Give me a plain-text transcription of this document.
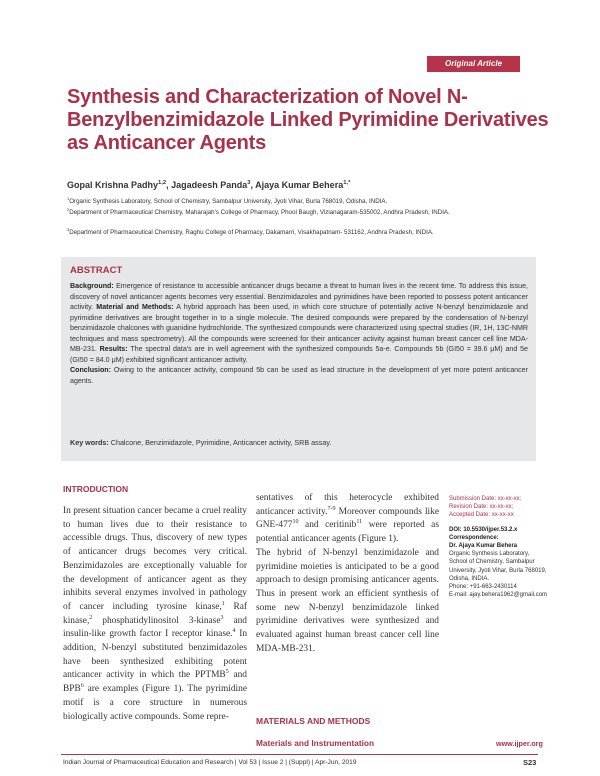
Original Article
Synthesis and Characterization of Novel N-Benzylbenzimidazole Linked Pyrimidine Derivatives as Anticancer Agents
Gopal Krishna Padhy$^{1,2}$, Jagadeesh Panda$^3$, Ajaya Kumar Behera$^{1,*}$
$^1$Organic Synthesis Laboratory, School of Chemistry, Sambalpur University, Jyoti Vihar, Burla 768019, Odisha, INDIA.
$^2$Department of Pharmaceutical Chemistry, Maharajah's College of Pharmacy, Phool Baugh, Vizianagaram-535002, Andhra Pradesh, INDIA.
$^3$Department of Pharmaceutical Chemistry, Raghu College of Pharmacy, Dakamarri, Visakhapatnam- 531162, Andhra Pradesh, INDIA.
ABSTRACT
Background: Emergence of resistance to accessible anticancer drugs became a threat to human lives in the recent time. To address this issue, discovery of novel anticancer agents becomes very essential. Benzimidazoles and pyrimidines have been reported to possess potent anticancer activity. Material and Methods: A hybrid approach has been used, in which core structure of potentially active N-benzyl benzimidazole and pyrimidine derivatives are brought together in to a single molecule. The desired compounds were prepared by the condensation of N-benzyl benzimidazole chalcones with guanidine hydrochloride. The synthesized compounds were characterized using spectral studies (IR, 1H, 13C-NMR techniques and mass spectrometry). All the compounds were screened for their anticancer activity against human breast cancer cell line MDA-MB-231. Results: The spectral data's are in well agreement with the synthesized compounds 5a-e. Compounds 5b (GI50 = 39.6 μM) and 5e (GI50 = 84.0 μM) exhibited significant anticancer activity.
Conclusion: Owing to the anticancer activity, compound 5b can be used as lead structure in the development of yet more potent anticancer agents.
Key words: Chalcone, Benzimidazole, Pyrimidine, Anticancer activity, SRB assay.
INTRODUCTION
In present situation cancer became a cruel reality to human lives due to their resistance to accessible drugs. Thus, discovery of new types of anticancer drugs becomes very critical. Benzimidazoles are exceptionally valuable for the development of anticancer agent as they inhibits several enzymes involved in pathology of cancer including tyrosine kinase,$^1$ Raf kinase,$^2$ phosphatidylinositol 3-kinase$^3$ and insulin-like growth factor I receptor kinase.$^4$ In addition, N-benzyl substituted benzimidazoles have been synthesized exhibiting potent anticancer activity in which the PPTMB$^5$ and BPB$^6$ are examples (Figure 1). The pyrimidine motif is a core structure in numerous biologically active compounds. Some repre-

sentatives of this heterocycle exhibited anticancer activity.$^{7-9}$ Moreover compounds like GNE-$477^{10}$ and ceritinib$^{11}$ were reported as potential anticancer agents (Figure 1).

The hybrid of N-benzyl benzimidazole and pyrimidine moieties is anticipated to be a good approach to design promising anticancer agents. Thus in present work an efficient synthesis of some new N-benzyl benzimidazole linked pyrimidine derivatives were synthesized and evaluated against human breast cancer cell line MDA-MB-231.

MATERIALS AND METHODS
Materials and Instrumentation
Submission Date: xx-xx-xx;
Revision Date: xx-xx-xx;
Accepted Date: xx-xx-xx
DOI: 10.5530/ijper.53.2.x
Correspondence:
Dr. Ajaya Kumar Behera
Organic Synthesis Laboratory, School of Chemistry, Sambalpur University, Jyoti Vihar, Burla 768019, Odisha, INDIA.
Phone: +91-663-2430114
E-mail: ajay.behera1962@gmail.com
www.ijper.org
Indian Journal of Pharmaceutical Education and Research | Vol 53 | Issue 2 | (Suppl) | Apr-Jun, 2019	S23
